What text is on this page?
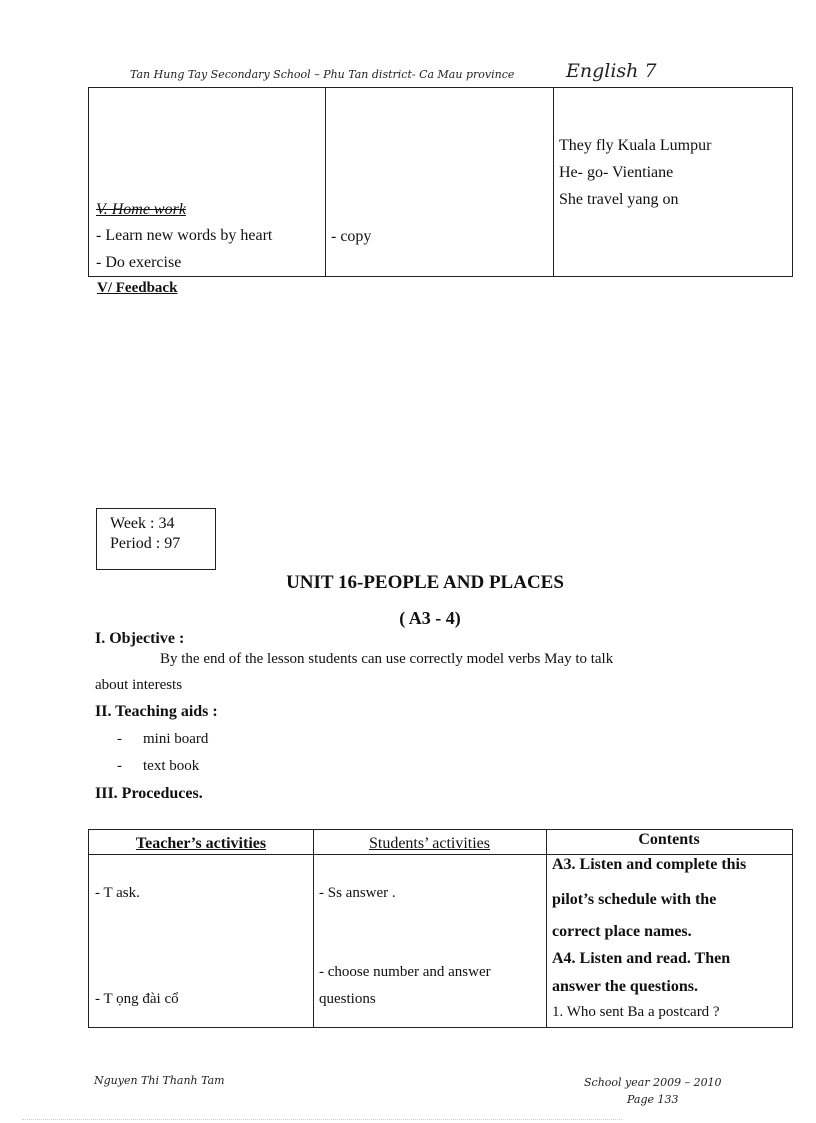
Tan Hung Tay Secondary School – Phu Tan district- Ca Mau province	English 7
V. Home work
- Learn new words by heart
- Do exercise
- copy
They fly Kuala Lumpur
He- go- Vientiane
She travel yang on
V/ Feedback
Week : 34
Period : 97
UNIT 16-PEOPLE AND PLACES
( A3 - 4)
I. Objective :
By the end of the lesson students can use correctly model verbs May to talk
about interests
II. Teaching aids :
- mini board
- text book
III. Proceduces.
Teacher’s activities
- T ask.
- T ọng đài cổ
Students’ activities
- Ss answer .
- choose number and answer
questions
Contents
A3. Listen and complete this
pilot’s schedule with the
correct place names.
A4. Listen and read. Then
answer the questions.
1. Who sent Ba a postcard ?
Nguyen Thi Thanh Tam	School year 2009 – 2010
Page 133
